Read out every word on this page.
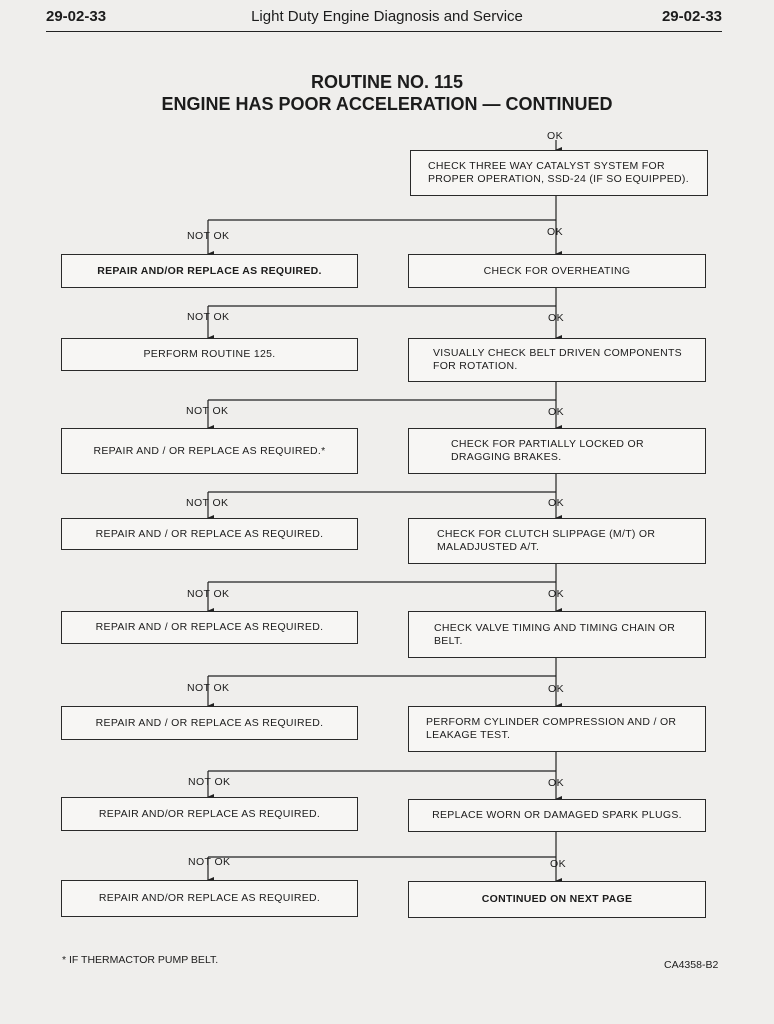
29-02-33	Light Duty Engine Diagnosis and Service	29-02-33
ROUTINE NO. 115
ENGINE HAS POOR ACCELERATION — CONTINUED
OK
CHECK THREE WAY CATALYST SYSTEM FOR PROPER OPERATION, SSD-24 (IF SO EQUIPPED).
CHECK FOR OVERHEATING
VISUALLY CHECK BELT DRIVEN COMPONENTS FOR ROTATION.
CHECK FOR PARTIALLY LOCKED OR DRAGGING BRAKES.
CHECK FOR CLUTCH SLIPPAGE (M/T) OR MALADJUSTED A/T.
CHECK VALVE TIMING AND TIMING CHAIN OR BELT.
PERFORM CYLINDER COMPRESSION AND / OR LEAKAGE TEST.
REPLACE WORN OR DAMAGED SPARK PLUGS.
CONTINUED ON NEXT PAGE
REPAIR AND/OR REPLACE AS REQUIRED.
PERFORM ROUTINE 125.
REPAIR AND / OR REPLACE AS REQUIRED.*
REPAIR AND / OR REPLACE AS REQUIRED.
REPAIR AND / OR REPLACE AS REQUIRED.
REPAIR AND / OR REPLACE AS REQUIRED.
REPAIR AND/OR REPLACE AS REQUIRED.
REPAIR AND/OR REPLACE AS REQUIRED.
NOT OK	OK
NOT OK	OK
NOT OK	OK
NOT OK	OK
NOT OK	OK
NOT OK	OK
NOT OK	OK
NOT OK	OK
* IF THERMACTOR PUMP BELT.	CA4358-B2
